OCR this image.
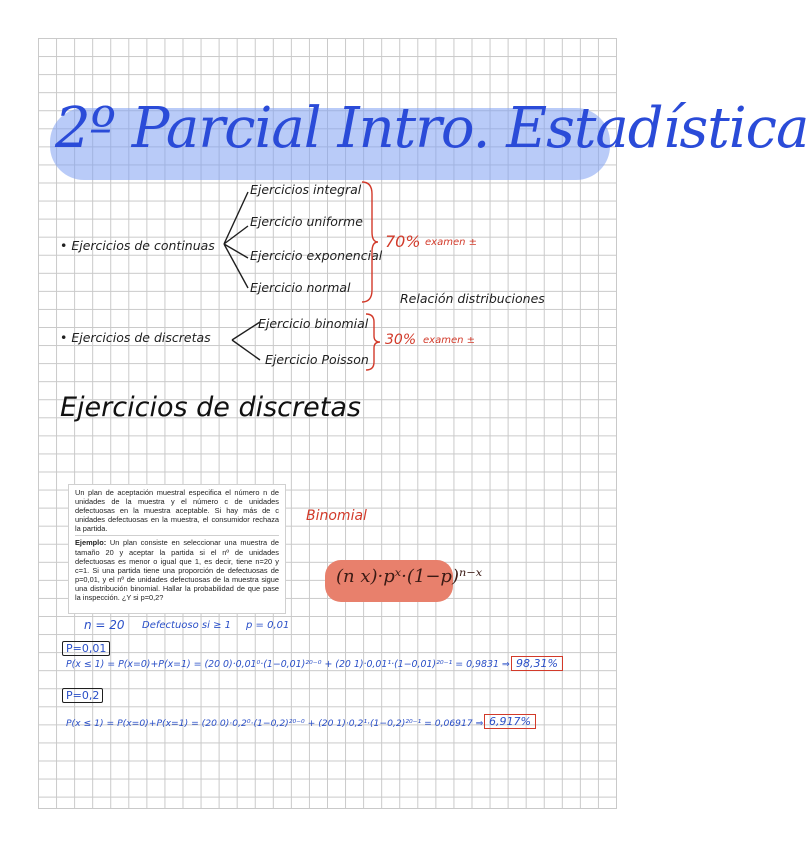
2º Parcial Intro. Estadística
• Ejercicios de continuas
Ejercicios integral
Ejercicio uniforme
Ejercicio exponencial
Ejercicio normal
70% examen ±
Relación distribuciones
• Ejercicios de discretas
Ejercicio binomial
Ejercicio Poisson
30% examen ±
Ejercicios de discretas
Un plan de aceptación muestral especifica el número n de unidades de la muestra y el número c de unidades defectuosas en la muestra aceptable. Si hay más de c unidades defectuosas en la muestra, el consumidor rechaza la partida.
Ejemplo: Un plan consiste en seleccionar una muestra de tamaño 20 y aceptar la partida si el nº de unidades defectuosas es menor o igual que 1, es decir, tiene n=20 y c=1. Si una partida tiene una proporción de defectuosas de p=0,01, y el nº de unidades defectuosas de la muestra sigue una distribución binomial. Hallar la probabilidad de que pase la inspección. ¿Y si p=0,2?
Binomial
(n x)·pˣ·(1−p)ⁿ⁻ˣ
n = 20 Defectuoso si ≥ 1 p = 0,01
P=0,01
P(x ≤ 1) = P(x=0)+P(x=1) = (20 0)·0,01⁰·(1−0,01)²⁰⁻⁰ + (20 1)·0,01¹·(1−0,01)²⁰⁻¹ = 0,9831 ⇒ 98,31%
P=0,2
P(x ≤ 1) = P(x=0)+P(x=1) = (20 0)·0,2⁰·(1−0,2)²⁰⁻⁰ + (20 1)·0,2¹·(1−0,2)²⁰⁻¹ = 0,06917 ⇒ 6,917%
